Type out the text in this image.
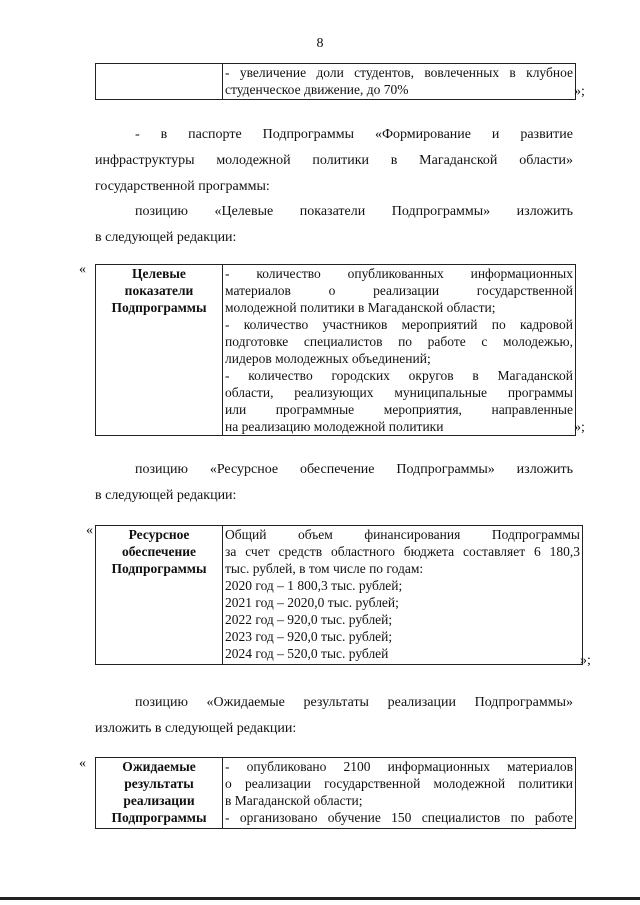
8

- увеличение доли студентов, вовлеченных в клубное
студенческое движение, до 70%	»;
- в паспорте Подпрограммы «Формирование и развитие
инфраструктуры молодежной политики в Магаданской области»
государственной программы:
позицию «Целевые показатели Подпрограммы» изложить
в следующей редакции:
«	Целевые
показатели
Подпрограммы

- количество опубликованных информационных
материалов о реализации государственной
молодежной политики в Магаданской области;
- количество участников мероприятий по кадровой
подготовке специалистов по работе с молодежью,
лидеров молодежных объединений;
- количество городских округов в Магаданской
области, реализующих муниципальные программы
или программные мероприятия, направленные
на реализацию молодежной политики	»;
позицию «Ресурсное обеспечение Подпрограммы» изложить
в следующей редакции:
«	Ресурсное
обеспечение
Подпрограммы

Общий объем финансирования Подпрограммы
за счет средств областного бюджета составляет 6 180,3
тыс. рублей, в том числе по годам:
2020 год – 1 800,3 тыс. рублей;
2021 год – 2020,0 тыс. рублей;
2022 год – 920,0 тыс. рублей;
2023 год – 920,0 тыс. рублей;
2024 год – 520,0 тыс. рублей	»;
позицию «Ожидаемые результаты реализации Подпрограммы»
изложить в следующей редакции:
«	Ожидаемые
результаты
реализации
Подпрограммы

- опубликовано 2100 информационных материалов
о реализации государственной молодежной политики
в Магаданской области;
- организовано обучение 150 специалистов по работе
